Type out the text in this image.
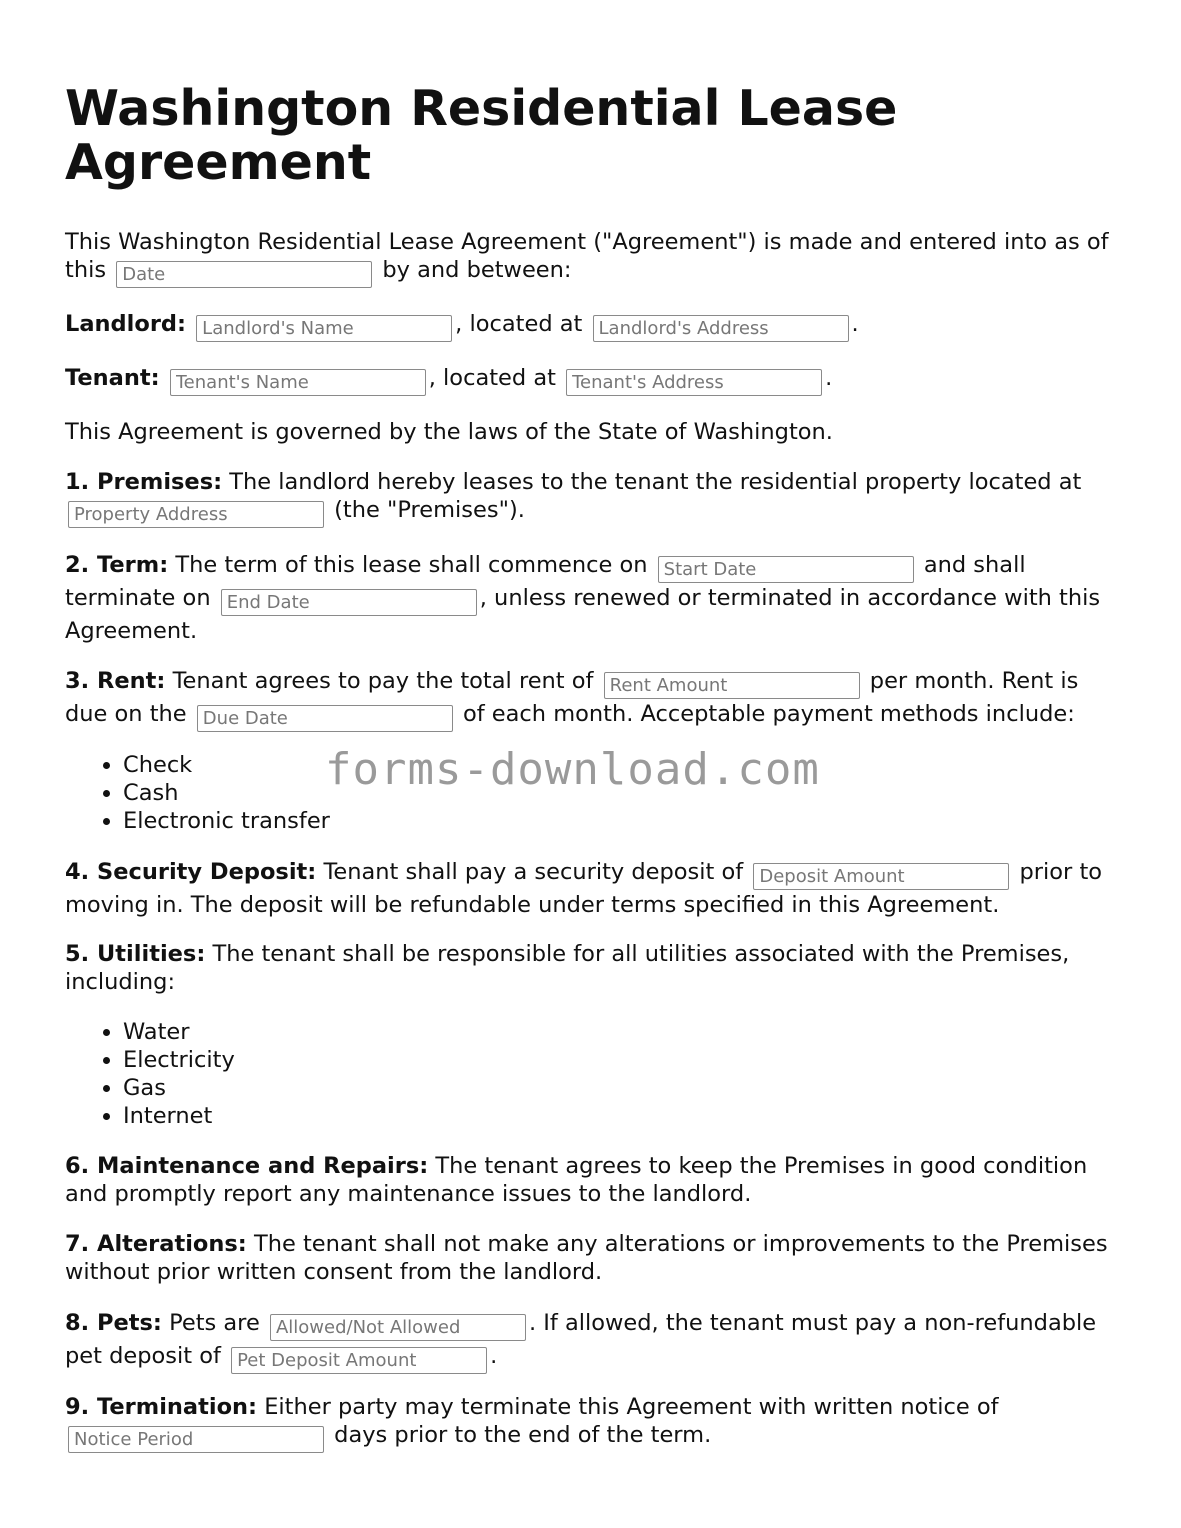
Washington Residential Lease Agreement

This Washington Residential Lease Agreement ("Agreement") is made and entered into as of this Date	by and between:

Landlord: Landlord's Name	, located at Landlord's Address	.

Tenant: Tenant's Name	, located at Tenant's Address	.

This Agreement is governed by the laws of the State of Washington.

1. Premises: The landlord hereby leases to the tenant the residential property located at Property Address (the "Premises").

2. Term: The term of this lease shall commence on Start Date	and shall terminate on End Date	, unless renewed or terminated in accordance with this Agreement.

3. Rent: Tenant agrees to pay the total rent of Rent Amount	per month. Rent is due on the Due Date	of each month. Acceptable payment methods include:

• Check
• Cash
• Electronic transfer

4. Security Deposit: Tenant shall pay a security deposit of Deposit Amount	prior to moving in. The deposit will be refundable under terms specified in this Agreement.

5. Utilities: The tenant shall be responsible for all utilities associated with the Premises, including:

• Water
• Electricity
• Gas
• Internet

6. Maintenance and Repairs: The tenant agrees to keep the Premises in good condition and promptly report any maintenance issues to the landlord.

7. Alterations: The tenant shall not make any alterations or improvements to the Premises without prior written consent from the landlord.

8. Pets: Pets are Allowed/Not Allowed	. If allowed, the tenant must pay a non-refundable pet deposit of Pet Deposit Amount	.

9. Termination: Either party may terminate this Agreement with written notice of Notice Period days prior to the end of the term.

forms-download.com
